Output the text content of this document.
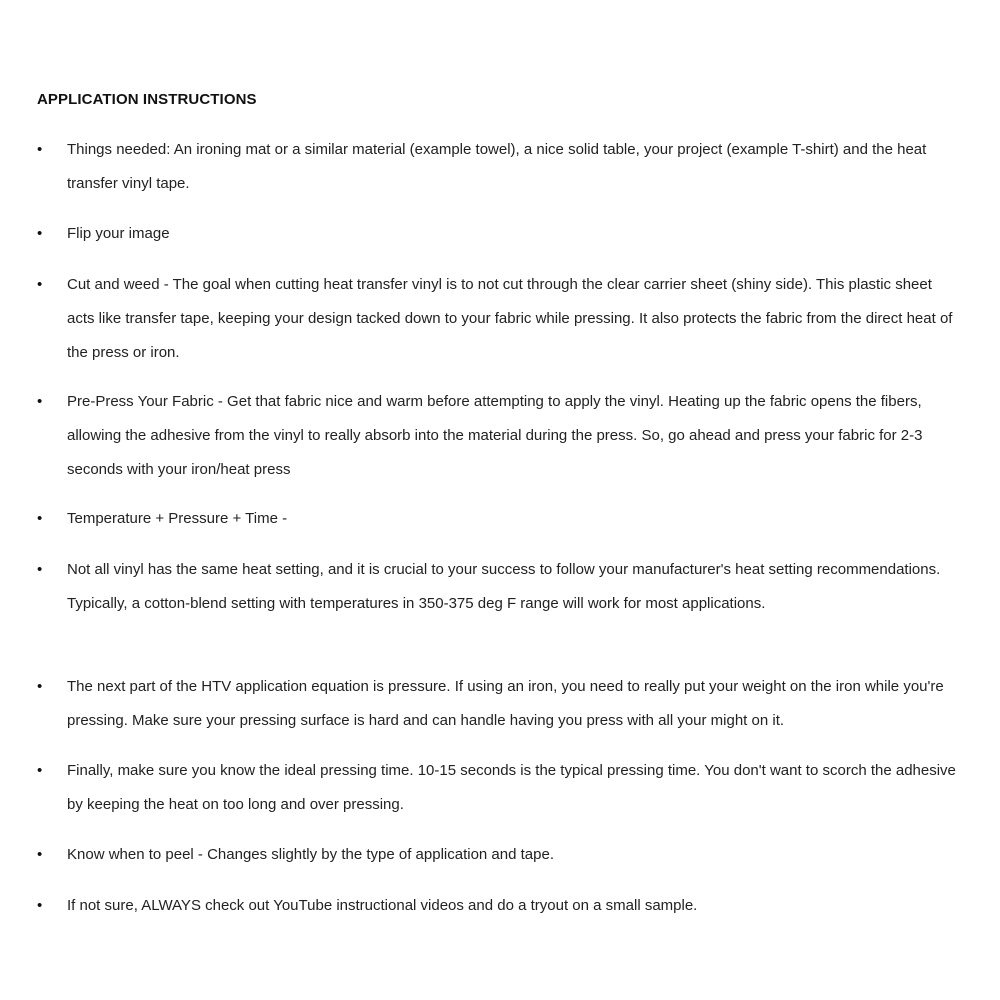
APPLICATION INSTRUCTIONS
• Things needed: An ironing mat or a similar material (example towel), a nice solid table, your project (example T-shirt) and the heat transfer vinyl tape.
• Flip your image
• Cut and weed - The goal when cutting heat transfer vinyl is to not cut through the clear carrier sheet (shiny side). This plastic sheet acts like transfer tape, keeping your design tacked down to your fabric while pressing. It also protects the fabric from the direct heat of the press or iron.
• Pre-Press Your Fabric - Get that fabric nice and warm before attempting to apply the vinyl. Heating up the fabric opens the fibers, allowing the adhesive from the vinyl to really absorb into the material during the press. So, go ahead and press your fabric for 2-3 seconds with your iron/heat press
• Temperature + Pressure + Time -
• Not all vinyl has the same heat setting, and it is crucial to your success to follow your manufacturer's heat setting recommendations. Typically, a cotton-blend setting with temperatures in 350-375 deg F range will work for most applications.
• The next part of the HTV application equation is pressure. If using an iron, you need to really put your weight on the iron while you're pressing. Make sure your pressing surface is hard and can handle having you press with all your might on it.
• Finally, make sure you know the ideal pressing time. 10-15 seconds is the typical pressing time. You don't want to scorch the adhesive by keeping the heat on too long and over pressing.
• Know when to peel - Changes slightly by the type of application and tape.
• If not sure, ALWAYS check out YouTube instructional videos and do a tryout on a small sample.
